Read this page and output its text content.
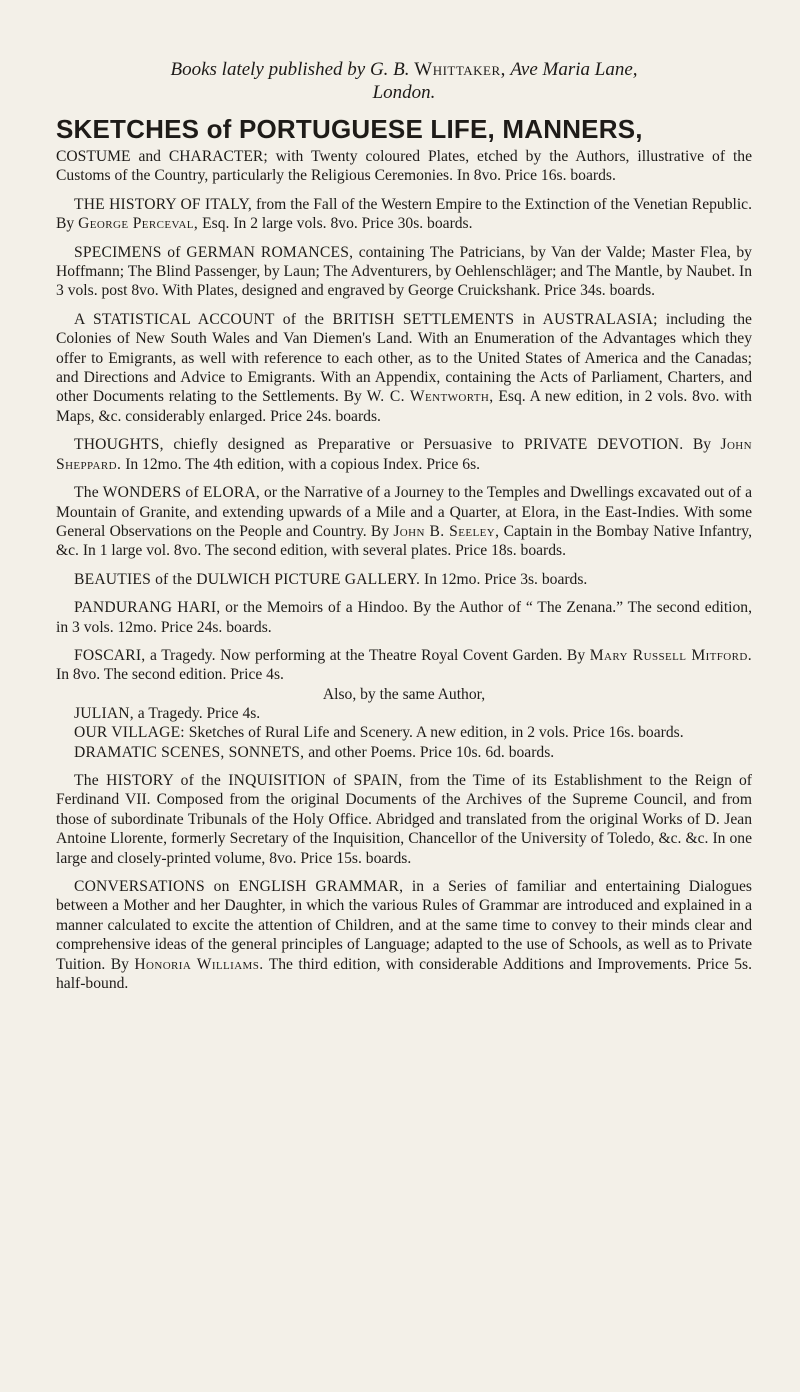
Books lately published by G. B. Whittaker, Ave Maria Lane,
London.
SKETCHES of PORTUGUESE LIFE, MANNERS,

COSTUME and CHARACTER; with Twenty coloured Plates, etched by the Authors, illustrative of the Customs of the Country, particularly the Religious Ceremonies. In 8vo. Price 16s. boards.

THE HISTORY OF ITALY, from the Fall of the Western Empire to the Extinction of the Venetian Republic. By George Perceval, Esq. In 2 large vols. 8vo. Price 30s. boards.

SPECIMENS of GERMAN ROMANCES, containing The Patricians, by Van der Valde; Master Flea, by Hoffmann; The Blind Passenger, by Laun; The Adventurers, by Oehlenschläger; and The Mantle, by Naubet. In 3 vols. post 8vo. With Plates, designed and engraved by George Cruickshank. Price 34s. boards.

A STATISTICAL ACCOUNT of the BRITISH SETTLEMENTS in AUSTRALASIA; including the Colonies of New South Wales and Van Diemen's Land. With an Enumeration of the Advantages which they offer to Emigrants, as well with reference to each other, as to the United States of America and the Canadas; and Directions and Advice to Emigrants. With an Appendix, containing the Acts of Parliament, Charters, and other Documents relating to the Settlements. By W. C. Wentworth, Esq. A new edition, in 2 vols. 8vo. with Maps, &c. considerably enlarged. Price 24s. boards.

THOUGHTS, chiefly designed as Preparative or Persuasive to PRIVATE DEVOTION. By John Sheppard. In 12mo. The 4th edition, with a copious Index. Price 6s.

The WONDERS of ELORA, or the Narrative of a Journey to the Temples and Dwellings excavated out of a Mountain of Granite, and extending upwards of a Mile and a Quarter, at Elora, in the East-Indies. With some General Observations on the People and Country. By John B. Seeley, Captain in the Bombay Native Infantry, &c. In 1 large vol. 8vo. The second edition, with several plates. Price 18s. boards.

BEAUTIES of the DULWICH PICTURE GALLERY. In 12mo. Price 3s. boards.

PANDURANG HARI, or the Memoirs of a Hindoo. By the Author of “ The Zenana.” The second edition, in 3 vols. 12mo. Price 24s. boards.

FOSCARI, a Tragedy. Now performing at the Theatre Royal Covent Garden. By Mary Russell Mitford. In 8vo. The second edition. Price 4s.

Also, by the same Author,

JULIAN, a Tragedy. Price 4s.

OUR VILLAGE: Sketches of Rural Life and Scenery. A new edition, in 2 vols. Price 16s. boards.

DRAMATIC SCENES, SONNETS, and other Poems. Price 10s. 6d. boards.

The HISTORY of the INQUISITION of SPAIN, from the Time of its Establishment to the Reign of Ferdinand VII. Composed from the original Documents of the Archives of the Supreme Council, and from those of subordinate Tribunals of the Holy Office. Abridged and translated from the original Works of D. Jean Antoine Llorente, formerly Secretary of the Inquisition, Chancellor of the University of Toledo, &c. &c. In one large and closely-printed volume, 8vo. Price 15s. boards.

CONVERSATIONS on ENGLISH GRAMMAR, in a Series of familiar and entertaining Dialogues between a Mother and her Daughter, in which the various Rules of Grammar are introduced and explained in a manner calculated to excite the attention of Children, and at the same time to convey to their minds clear and comprehensive ideas of the general principles of Language; adapted to the use of Schools, as well as to Private Tuition. By Honoria Williams. The third edition, with considerable Additions and Improvements. Price 5s. half-bound.
